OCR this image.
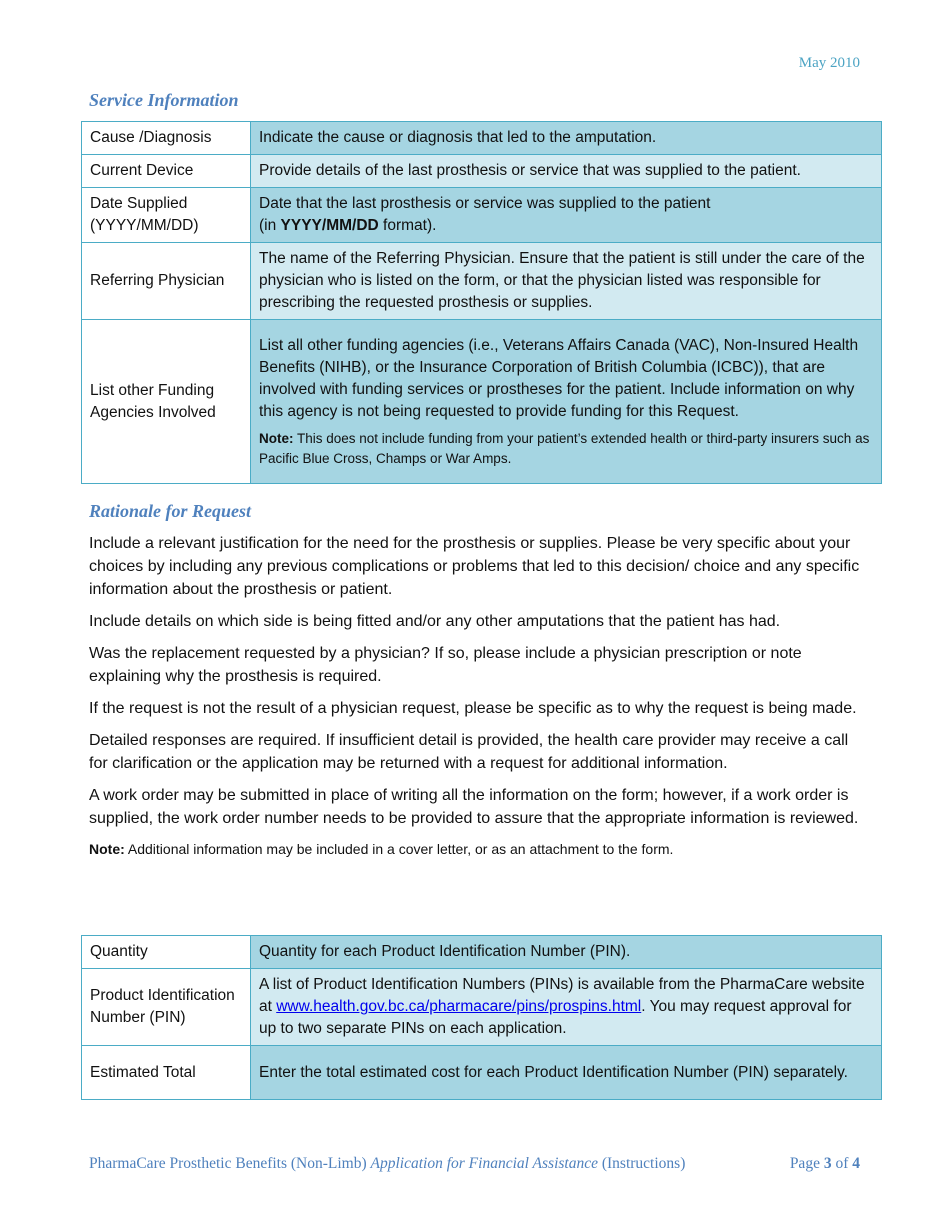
May 2010
Service Information
Cause /Diagnosis	Indicate the cause or diagnosis that led to the amputation.
Current Device	Provide details of the last prosthesis or service that was supplied to the patient.
Date Supplied (YYYY/MM/DD)	Date that the last prosthesis or service was supplied to the patient
(in YYYY/MM/DD format).
Referring Physician	The name of the Referring Physician. Ensure that the patient is still under the care of the physician who is listed on the form, or that the physician listed was responsible for prescribing the requested prosthesis or supplies.
List other Funding Agencies Involved	List all other funding agencies (i.e., Veterans Affairs Canada (VAC), Non-Insured Health Benefits (NIHB), or the Insurance Corporation of British Columbia (ICBC)), that are involved with funding services or prostheses for the patient. Include information on why this agency is not being requested to provide funding for this Request.
Note: This does not include funding from your patient’s extended health or third-party insurers such as Pacific Blue Cross, Champs or War Amps.
Rationale for Request

Include a relevant justification for the need for the prosthesis or supplies. Please be very specific about your choices by including any previous complications or problems that led to this decision/ choice and any specific information about the prosthesis or patient.

Include details on which side is being fitted and/or any other amputations that the patient has had.

Was the replacement requested by a physician? If so, please include a physician prescription or note explaining why the prosthesis is required.

If the request is not the result of a physician request, please be specific as to why the request is being made.

Detailed responses are required. If insufficient detail is provided, the health care provider may receive a call for clarification or the application may be returned with a request for additional information.

A work order may be submitted in place of writing all the information on the form; however, if a work order is supplied, the work order number needs to be provided to assure that the appropriate information is reviewed.

Note: Additional information may be included in a cover letter, or as an attachment to the form.

Quantity	Quantity for each Product Identification Number (PIN).
Product Identification Number (PIN)	A list of Product Identification Numbers (PINs) is available from the PharmaCare website at www.health.gov.bc.ca/pharmacare/pins/prospins.html. You may request approval for up to two separate PINs on each application.
Estimated Total	Enter the total estimated cost for each Product Identification Number (PIN) separately.
PharmaCare Prosthetic Benefits (Non-Limb) Application for Financial Assistance (Instructions)	Page 3 of 4
